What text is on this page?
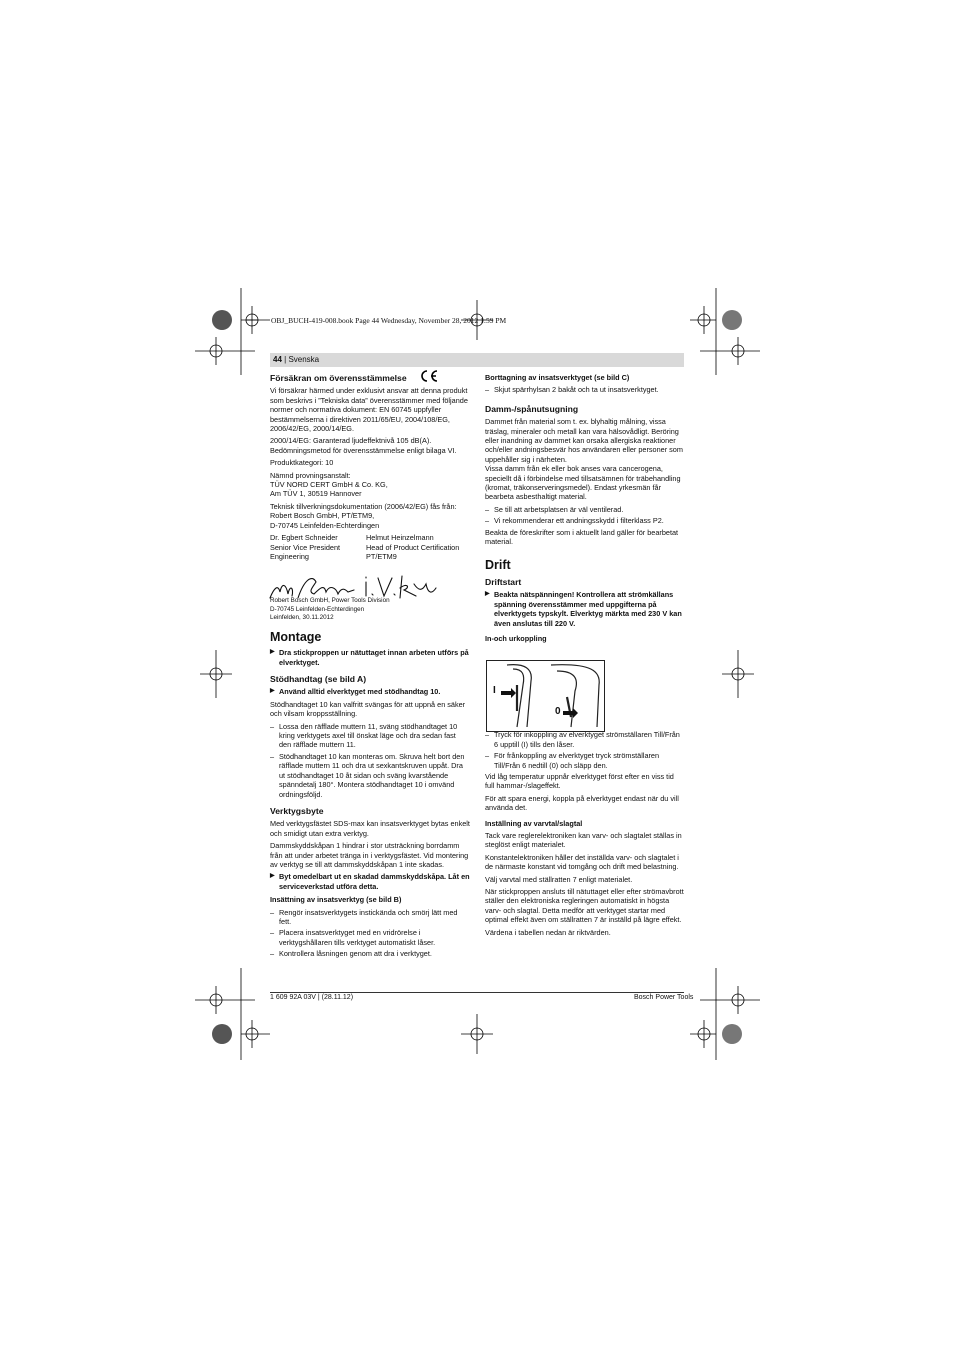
OBJ_BUCH-419-008.book Page 44 Wednesday, November 28, 2012 1:59 PM
44 | Svenska
Försäkran om överensstämmelse

Vi försäkrar härmed under exklusivt ansvar att denna produkt som beskrivs i ”Tekniska data” överensstämmer med följande normer och normativa dokument: EN 60745 uppfyller bestämmelserna i direktiven 2011/65/EU, 2004/108/EG, 2006/42/EG, 2000/14/EG.

2000/14/EG: Garanterad ljudeffektnivå 105 dB(A). Bedömningsmetod för överensstämmelse enligt bilaga VI.

Produktkategori: 10

Nämnd provningsanstalt:
TÜV NORD CERT GmbH & Co. KG,
Am TÜV 1, 30519 Hannover

Teknisk tillverkningsdokumentation (2006/42/EG) fås från:
Robert Bosch GmbH, PT/ETM9,
D-70745 Leinfelden-Echterdingen

Dr. Egbert Schneider
Senior Vice President
Engineering
Helmut Heinzelmann
Head of Product Certification
PT/ETM9

Robert Bosch GmbH, Power Tools Division
D-70745 Leinfelden-Echterdingen
Leinfelden, 30.11.2012

Montage
▶ Dra stickproppen ur nätuttaget innan arbeten utförs på elverktyget.
Stödhandtag (se bild A)
▶ Använd alltid elverktyget med stödhandtag 10.

Stödhandtaget 10 kan valfritt svängas för att uppnå en säker och vilsam kroppsställning.

– Lossa den räfflade muttern 11, sväng stödhandtaget 10 kring verktygets axel till önskat läge och dra sedan fast den räfflade muttern 11.
– Stödhandtaget 10 kan monteras om. Skruva helt bort den räfflade muttern 11 och dra ut sexkantskruven uppåt. Dra ut stödhandtaget 10 åt sidan och sväng kvarstående spänndetalj 180°. Montera stödhandtaget 10 i omvänd ordningsföljd.
Verktygsbyte

Med verktygsfästet SDS-max kan insatsverktyget bytas enkelt och smidigt utan extra verktyg.

Dammskyddskåpan 1 hindrar i stor utsträckning borrdamm från att under arbetet tränga in i verktygsfästet. Vid montering av verktyg se till att dammskyddskåpan 1 inte skadas.

▶ Byt omedelbart ut en skadad dammskyddskåpa. Låt en serviceverkstad utföra detta.
Insättning av insatsverktyg (se bild B)
– Rengör insatsverktygets instickända och smörj lätt med fett.
– Placera insatsverktyget med en vridrörelse i verktygshållaren tills verktyget automatiskt låser.
– Kontrollera låsningen genom att dra i verktyget.
Borttagning av insatsverktyget (se bild C)
– Skjut spärrhylsan 2 bakåt och ta ut insatsverktyget.
Damm-/spånutsugning

Dammet från material som t. ex. blyhaltig målning, vissa träslag, mineraler och metall kan vara hälsovådligt. Beröring eller inandning av dammet kan orsaka allergiska reaktioner och/eller andningsbesvär hos användaren eller personer som uppehåller sig i närheten.

Vissa damm från ek eller bok anses vara cancerogena, speciellt då i förbindelse med tillsatsämnen för träbehandling (kromat, träkonserveringsmedel). Endast yrkesmän får bearbeta asbesthaltigt material.

– Se till att arbetsplatsen är väl ventilerad.
– Vi rekommenderar ett andningsskydd i filterklass P2.

Beakta de föreskrifter som i aktuellt land gäller för bearbetat material.

Drift
Driftstart
▶ Beakta nätspänningen! Kontrollera att strömkällans spänning överensstämmer med uppgifterna på elverktygets typskylt. Elverktyg märkta med 230 V kan även anslutas till 220 V.
In-och urkoppling
– Tryck för inkoppling av elverktyget strömställaren Till/Från 6 upptill (I) tills den låser.
– För frånkoppling av elverktyget tryck strömställaren Till/Från 6 nedtill (0) och släpp den.

Vid låg temperatur uppnår elverktyget först efter en viss tid full hammar-/slageffekt.

För att spara energi, koppla på elverktyget endast när du vill använda det.

Inställning av varvtal/slagtal

Tack vare reglerelektroniken kan varv- och slagtalet ställas in steglöst enligt materialet.

Konstantelektroniken håller det inställda varv- och slagtalet i de närmaste konstant vid tomgång och drift med belastning.

Välj varvtal med ställratten 7 enligt materialet.

När stickproppen ansluts till nätuttaget eller efter strömavbrott ställer den elektroniska regleringen automatiskt in högsta varv- och slagtal. Detta medför att verktyget startar med optimal effekt även om ställratten 7 är inställd på lägre effekt.

Värdena i tabellen nedan är riktvärden.

I
0
1 609 92A 03V | (28.11.12)	Bosch Power Tools
